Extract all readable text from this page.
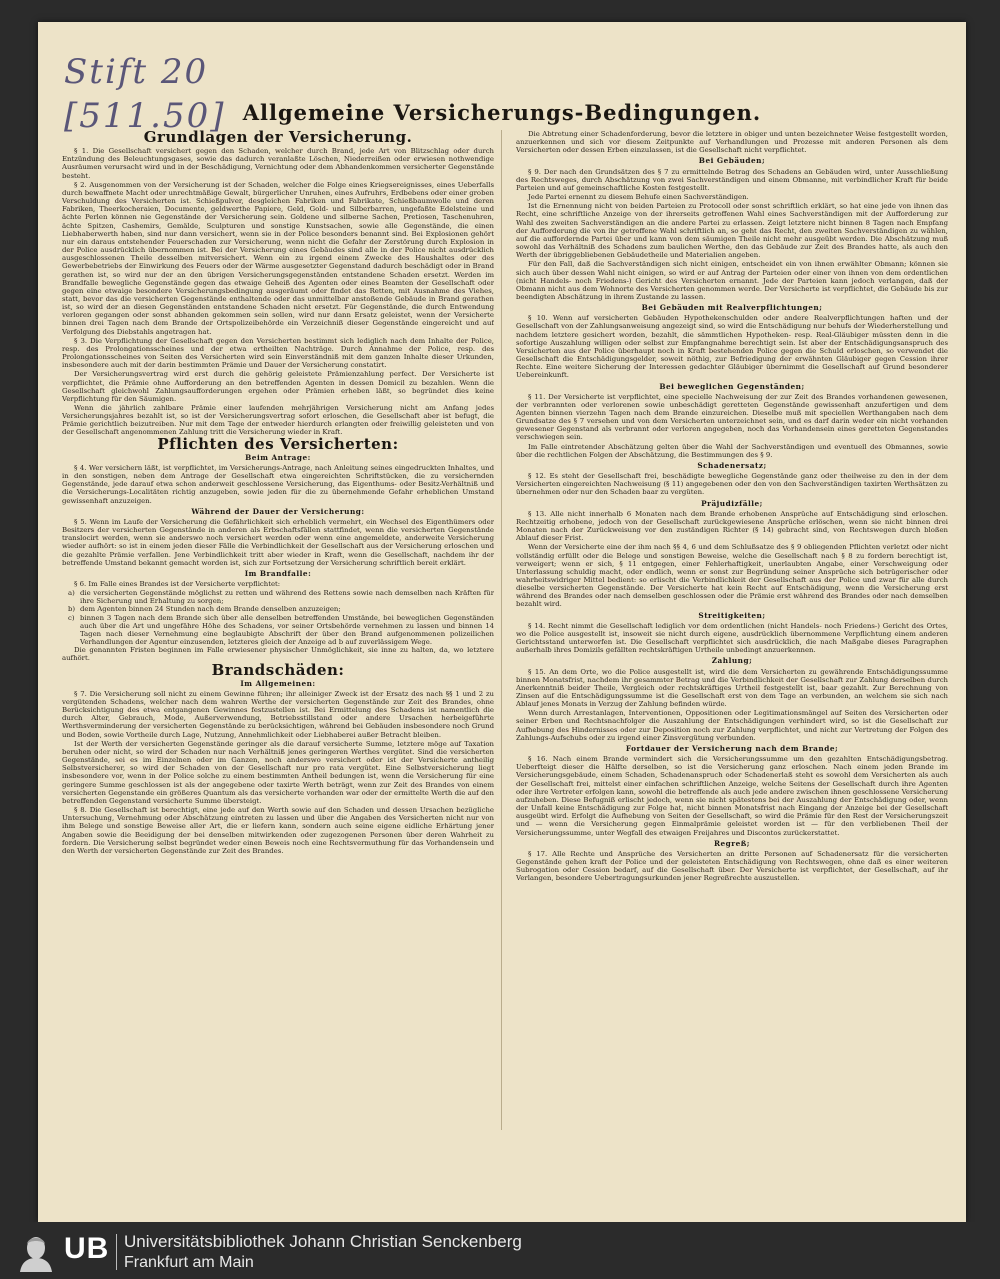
Stift 20
[511.50] Allgemeine Versicherungs-Bedingungen.
Grundlagen der Versicherung.

§ 1. Die Gesellschaft versichert gegen den Schaden, welcher durch Brand, jede Art von Blitzschlag oder durch Entzündung des Beleuchtungsgases, sowie das dadurch veranlaßte Löschen, Niederreißen oder erwiesen nothwendige Ausräumen verursacht wird und in der Beschädigung, Vernichtung oder dem Abhandenkommen versicherter Gegenstände besteht.

§ 2. Ausgenommen von der Versicherung ist der Schaden, welcher die Folge eines Kriegsereignisses, eines Ueberfalls durch bewaffnete Macht oder unrechtmäßige Gewalt, bürgerlicher Unruhen, eines Aufruhrs, Erdbebens oder einer groben Verschuldung des Versicherten ist. Schießpulver, desgleichen Fabriken und Fabrikate, Schießbaumwolle und deren Fabriken, Theerkocheraien, Documente, geldwerthe Papiere, Geld, Gold- und Silberbarren, ungefaßte Edelsteine und ächte Perlen können nie Gegenstände der Versicherung sein. Goldene und silberne Sachen, Pretiosen, Taschenuhren, ächte Spitzen, Cashemirs, Gemälde, Sculpturen und sonstige Kunstsachen, sowie alle Gegenstände, die einen Liebhaberwerth haben, sind nur dann versichert, wenn sie in der Police besonders benannt sind. Bei Explosionen gehört nur ein daraus entstehender Feuerschaden zur Versicherung, wenn nicht die Gefahr der Zerstörung durch Explosion in der Police ausdrücklich übernommen ist. Bei der Versicherung eines Gebäudes sind alle in der Police nicht ausdrücklich ausgeschlossenen Theile desselben mitversichert. Wenn ein zu irgend einem Zwecke des Haushaltes oder des Gewerbebetriebs der Einwirkung des Feuers oder der Wärme ausgesetzter Gegenstand dadurch beschädigt oder in Brand gerathen ist, so wird nur der an den übrigen Versicherungsgegenständen entstandene Schaden ersetzt. Werden im Brandfalle bewegliche Gegenstände gegen das etwaige Geheiß des Agenten oder eines Beamten der Gesellschaft oder gegen eine etwaige besondere Versicherungsbedingung ausgeräumt oder findet das Retten, mit Ausnahme des Viehes, statt, bevor das die versicherten Gegenstände enthaltende oder das unmittelbar anstoßende Gebäude in Brand gerathen ist, so wird der an diesen Gegenständen entstandene Schaden nicht ersetzt. Für Gegenstände, die durch Entwendung verloren gegangen oder sonst abhanden gekommen sein sollen, wird nur dann Ersatz geleistet, wenn der Versicherte binnen drei Tagen nach dem Brande der Ortspolizeibehörde ein Verzeichniß dieser Gegenstände eingereicht und auf Verfolgung des Diebstahls angetragen hat.

§ 3. Die Verpflichtung der Gesellschaft gegen den Versicherten bestimmt sich lediglich nach dem Inhalte der Police, resp. des Prolongationsscheines und der etwa ertheilten Nachträge. Durch Annahme der Police, resp. des Prolongationsscheines von Seiten des Versicherten wird sein Einverständniß mit dem ganzen Inhalte dieser Urkunden, insbesondere auch mit der darin bestimmten Prämie und Dauer der Versicherung constatirt.

Der Versicherungsvertrag wird erst durch die gehörig geleistete Prämienzahlung perfect. Der Versicherte ist verpflichtet, die Prämie ohne Aufforderung an den betreffenden Agenten in dessen Domicil zu bezahlen. Wenn die Gesellschaft gleichwohl Zahlungsaufforderungen ergehen oder Prämien erheben läßt, so begründet dies keine Verpflichtung für den Säumigen.

Wenn die jährlich zahlbare Prämie einer laufenden mehrjährigen Versicherung nicht am Anfang jedes Versicherungsjahres bezahlt ist, so ist der Versicherungsvertrag sofort erloschen, die Gesellschaft aber ist befugt, die Prämie gerichtlich beizutreiben. Nur mit dem Tage der entweder hierdurch erlangten oder freiwillig geleisteten und von der Gesellschaft angenommenen Zahlung tritt die Versicherung wieder in Kraft.

Pflichten des Versicherten:
Beim Antrage:

§ 4. Wer versichern läßt, ist verpflichtet, im Versicherungs-Antrage, nach Anleitung seines eingedruckten Inhaltes, und in den sonstigen, neben dem Antrage der Gesellschaft etwa eingereichten Schriftstücken, die zu versichernden Gegenstände, jede darauf etwa schon anderweit geschlossene Versicherung, das Eigenthums- oder Besitz-Verhältniß und die Versicherungs-Localitäten richtig anzugeben, sowie jeden für die zu übernehmende Gefahr erheblichen Umstand gewissenhaft anzuzeigen.

Während der Dauer der Versicherung:

§ 5. Wenn im Laufe der Versicherung die Gefährlichkeit sich erheblich vermehrt, ein Wechsel des Eigenthümers oder Besitzers der versicherten Gegenstände in anderen als Erbschaftsfällen stattfindet, wenn die versicherten Gegenstände translocirt werden, wenn sie anderswo noch versichert werden oder wenn eine angemeldete, anderweite Versicherung wieder aufhört: so ist in einem jeden dieser Fälle die Verbindlichkeit der Gesellschaft aus der Versicherung erloschen und die gezahlte Prämie verfallen. Jene Verbindlichkeit tritt aber wieder in Kraft, wenn die Gesellschaft, nachdem ihr der betreffende Umstand bekannt gemacht worden ist, sich zur Fortsetzung der Versicherung schriftlich bereit erklärt.

Im Brandfalle:

§ 6. Im Falle eines Brandes ist der Versicherte verpflichtet:

a) die versicherten Gegenstände möglichst zu retten und während des Rettens sowie nach demselben nach Kräften für ihre Sicherung und Erhaltung zu sorgen;

b) dem Agenten binnen 24 Stunden nach dem Brande denselben anzuzeigen;

c) binnen 3 Tagen nach dem Brande sich über alle denselben betreffenden Umstände, bei beweglichen Gegenständen auch über die Art und ungefähre Höhe des Schadens, vor seiner Ortsbehörde vernehmen zu lassen und binnen 14 Tagen nach dieser Vernehmung eine beglaubigte Abschrift der über den Brand aufgenommenen polizeilichen Verhandlungen der Agentur einzusenden, letzteres gleich der Anzeige ad b auf zuverlässigem Wege.

Die genannten Fristen beginnen im Falle erwiesener physischer Unmöglichkeit, sie inne zu halten, da, wo letztere aufhört.

Brandschäden:
Im Allgemeinen:

§ 7. Die Versicherung soll nicht zu einem Gewinne führen; ihr alleiniger Zweck ist der Ersatz des nach §§ 1 und 2 zu vergütenden Schadens, welcher nach dem wahren Werthe der versicherten Gegenstände zur Zeit des Brandes, ohne Berücksichtigung des etwa entgangenen Gewinnes festzustellen ist. Bei Ermittelung des Schadens ist namentlich die durch Alter, Gebrauch, Mode, Außerverwendung, Betriebsstillstand oder andere Ursachen herbeigeführte Werthsverminderung der versicherten Gegenstände zu berücksichtigen, während bei Gebäuden insbesondere noch Grund und Boden, sowie Vortheile durch Lage, Nutzung, Annehmlichkeit oder Liebhaberei außer Betracht bleiben.

Ist der Werth der versicherten Gegenstände geringer als die darauf versicherte Summe, letztere möge auf Taxation beruhen oder nicht, so wird der Schaden nur nach Verhältniß jenes geringeren Werthes vergütet. Sind die versicherten Gegenstände, sei es im Einzelnen oder im Ganzen, noch anderswo versichert oder ist der Versicherte antheilig Selbstversicherer, so wird der Schaden von der Gesellschaft nur pro rata vergütet. Eine Selbstversicherung liegt insbesondere vor, wenn in der Police solche zu einem bestimmten Antheil bedungen ist, wenn die Versicherung für eine geringere Summe geschlossen ist als der angegebene oder taxirte Werth beträgt, wenn zur Zeit des Brandes von einem versicherten Gegenstande ein größeres Quantum als das versicherte vorhanden war oder der ermittelte Werth die auf den betreffenden Gegenstand versicherte Summe übersteigt.

§ 8. Die Gesellschaft ist berechtigt, eine jede auf den Werth sowie auf den Schaden und dessen Ursachen bezügliche Untersuchung, Vernehmung oder Abschätzung eintreten zu lassen und über die Angaben des Versicherten nicht nur von ihm Belege und sonstige Beweise aller Art, die er liefern kann, sondern auch seine eigene eidliche Erhärtung jener Angaben sowie die Beeidigung der bei denselben mitwirkenden oder zugezogenen Personen über deren Wahrheit zu fordern. Die Versicherung selbst begründet weder einen Beweis noch eine Rechtsvermuthung für das Vorhandensein und den Werth der versicherten Gegenstände zur Zeit des Brandes.

Die Abtretung einer Schadenforderung, bevor die letztere in obiger und unten bezeichneter Weise festgestellt worden, anzuerkennen und sich vor diesem Zeitpunkte auf Verhandlungen und Prozesse mit anderen Personen als dem Versicherten oder dessen Erben einzulassen, ist die Gesellschaft nicht verpflichtet.

Bei Gebäuden;

§ 9. Der nach den Grundsätzen des § 7 zu ermittelnde Betrag des Schadens an Gebäuden wird, unter Ausschließung des Rechtsweges, durch Abschätzung von zwei Sachverständigen und einem Obmanne, mit verbindlicher Kraft für beide Parteien und auf gemeinschaftliche Kosten festgestellt.

Jede Partei ernennt zu diesem Behufe einen Sachverständigen.

Ist die Ernennung nicht von beiden Parteien zu Protocoll oder sonst schriftlich erklärt, so hat eine jede von ihnen das Recht, eine schriftliche Anzeige von der ihrerseits getroffenen Wahl eines Sachverständigen mit der Aufforderung zur Wahl des zweiten Sachverständigen an die andere Partei zu erlassen. Zeigt letztere nicht binnen 8 Tagen nach Empfang der Aufforderung die von ihr getroffene Wahl schriftlich an, so geht das Recht, den zweiten Sachverständigen zu wählen, auf die auffordernde Partei über und kann von dem säumigen Theile nicht mehr ausgeübt werden. Die Abschätzung muß sowohl das Verhältniß des Schadens zum baulichen Werthe, den das Gebäude zur Zeit des Brandes hatte, als auch den Werth der übriggebliebenen Gebäudetheile und Materialien angeben.

Für den Fall, daß die Sachverständigen sich nicht einigen, entscheidet ein von ihnen erwählter Obmann; können sie sich auch über dessen Wahl nicht einigen, so wird er auf Antrag der Parteien oder einer von ihnen von dem ordentlichen (nicht Handels- noch Friedens-) Gericht des Versicherten ernannt. Jede der Parteien kann jedoch verlangen, daß der Obmann nicht aus dem Wohnorte des Versicherten genommen werde. Der Versicherte ist verpflichtet, die Gebäude bis zur beendigten Abschätzung in ihrem Zustande zu lassen.

Bei Gebäuden mit Realverpflichtungen;

§ 10. Wenn auf versicherten Gebäuden Hypothekenschulden oder andere Realverpflichtungen haften und der Gesellschaft von der Zahlungsanweisung angezeigt sind, so wird die Entschädigung nur behufs der Wiederherstellung und nachdem letztere gesichert worden, bezahlt, die sämmtlichen Hypotheken- resp. Real-Gläubiger müssten denn in die sofortige Auszahlung willigen oder selbst zur Empfangnahme berechtigt sein. Ist aber der Entschädigungsanspruch des Versicherten aus der Police überhaupt noch in Kraft bestehenden Police gegen die Schuld erloschen, so verwendet die Gesellschaft die Entschädigungsgelder, soweit nöthig, zur Befriedigung der erwähnten Gläubiger gegen Cession ihrer Rechte. Eine weitere Sicherung der Interessen gedachter Gläubiger übernimmt die Gesellschaft auf Grund besonderer Uebereinkunft.

Bei beweglichen Gegenständen;

§ 11. Der Versicherte ist verpflichtet, eine specielle Nachweisung der zur Zeit des Brandes vorhandenen gewesenen, der verbrannten oder verlorenen sowie unbeschädigt geretteten Gegenstände gewissenhaft anzufertigen und dem Agenten binnen vierzehn Tagen nach dem Brande einzureichen. Dieselbe muß mit speciellen Werthangaben nach dem Grundsatze des § 7 versehen und von dem Versicherten unterzeichnet sein, und es darf darin weder ein nicht vorhanden gewesener Gegenstand als verbrannt oder verloren angegeben, noch das Vorhandensein eines geretteten Gegenstandes verschwiegen sein.

Im Falle eintretender Abschätzung gelten über die Wahl der Sachverständigen und eventuell des Obmannes, sowie über die rechtlichen Folgen der Abschätzung, die Bestimmungen des § 9.

Schadenersatz;

§ 12. Es steht der Gesellschaft frei, beschädigte bewegliche Gegenstände ganz oder theilweise zu den in der dem Versicherten eingereichten Nachweisung (§ 11) angegebenen oder den von den Sachverständigen taxirten Werthsätzen zu übernehmen oder nur den Schaden baar zu vergüten.

Präjudizfälle;

§ 13. Alle nicht innerhalb 6 Monaten nach dem Brande erhobenen Ansprüche auf Entschädigung sind erloschen. Rechtzeitig erhobene, jedoch von der Gesellschaft zurückgewiesene Ansprüche erlöschen, wenn sie nicht binnen drei Monaten nach der Zurückweisung vor den zuständigen Richter (§ 14) gebracht sind, von Rechtswegen durch bloßen Ablauf dieser Frist.

Wenn der Versicherte eine der ihm nach §§ 4, 6 und dem Schlußsatze des § 9 obliegenden Pflichten verletzt oder nicht vollständig erfüllt oder die Belege und sonstigen Beweise, welche die Gesellschaft nach § 8 zu fordern berechtigt ist, verweigert; wenn er sich, § 11 entgegen, einer Fehlerhaftigkeit, unerlaubten Angabe, einer Verschweigung oder Unterlassung schuldig macht, oder endlich, wenn er sonst zur Begründung seiner Ansprüche sich betrügerischer oder wahrheitswidriger Mittel bedient: so erlischt die Verbindlichkeit der Gesellschaft aus der Police und zwar für alle durch dieselbe versicherten Gegenstände. Der Versicherte hat kein Recht auf Entschädigung, wenn die Versicherung erst während des Brandes oder nach demselben geschlossen oder die Prämie erst während des Brandes oder nach demselben bezahlt wird.

Streitigkeiten;

§ 14. Recht nimmt die Gesellschaft lediglich vor dem ordentlichen (nicht Handels- noch Friedens-) Gericht des Ortes, wo die Police ausgestellt ist, insoweit sie nicht durch eigene, ausdrücklich übernommene Verpflichtung einem anderen Gerichtsstand unterworfen ist. Die Gesellschaft verpflichtet sich ausdrücklich, die nach Maßgabe dieses Paragraphen außerhalb ihres Domizils gefällten rechtskräftigen Urtheile unbedingt anzuerkennen.

Zahlung;

§ 15. An dem Orte, wo die Police ausgestellt ist, wird die dem Versicherten zu gewährende Entschädigungssumme binnen Monatsfrist, nachdem ihr gesammter Betrag und die Verbindlichkeit der Gesellschaft zur Zahlung derselben durch Anerkenntniß beider Theile, Vergleich oder rechtskräftiges Urtheil festgestellt ist, baar gezahlt. Zur Berechnung von Zinsen auf die Entschädigungssumme ist die Gesellschaft erst von dem Tage an verbunden, an welchem sie sich nach Ablauf jenes Monats in Verzug der Zahlung befinden würde.

Wenn durch Arrestanlagen, Interventionen, Oppositionen oder Legitimationsmängel auf Seiten des Versicherten oder seiner Erben und Rechtsnachfolger die Auszahlung der Entschädigungen verhindert wird, so ist die Gesellschaft zur Aufhebung des Hindernisses oder zur Deposition noch zur Zahlung verpflichtet, und nicht zur Vertretung der Folgen des Zahlungs-Aufschubs oder zu irgend einer Zinsvergütung verbunden.

Fortdauer der Versicherung nach dem Brande;

§ 16. Nach einem Brande vermindert sich die Versicherungssumme um den gezahlten Entschädigungsbetrag. Ueberfteigt dieser die Hälfte derselben, so ist die Versicherung ganz erloschen. Nach einem jeden Brande im Versicherungsgebäude, einem Schaden, Schadenanspruch oder Schadenerlaß steht es sowohl dem Versicherten als auch der Gesellschaft frei, mittelst einer einfachen schriftlichen Anzeige, welche Seitens der Gesellschaft durch ihre Agenten oder ihre Vertreter erfolgen kann, sowohl die betreffende als auch jede andere zwischen ihnen geschlossene Versicherung aufzuheben. Diese Befugniß erlischt jedoch, wenn sie nicht spätestens bei der Auszahlung der Entschädigung oder, wenn der Unfall keine Entschädigung zur Folge hat, nicht binnen Monatsfrist nach Eingang der Anzeige bei der Gesellschaft ausgeübt wird. Erfolgt die Aufhebung von Seiten der Gesellschaft, so wird die Prämie für den Rest der Versicherungszeit und — wenn die Versicherung gegen Einmalprämie geleistet worden ist — für den verbliebenen Theil der Versicherungssumme, unter Wegfall des etwaigen Freijahres und Discontos zurückerstattet.

Regreß;

§ 17. Alle Rechte und Ansprüche des Versicherten an dritte Personen auf Schadenersatz für die versicherten Gegenstände gehen kraft der Police und der geleisteten Entschädigung von Rechtswegen, ohne daß es einer weiteren Subrogation oder Cession bedarf, auf die Gesellschaft über. Der Versicherte ist verpflichtet, der Gesellschaft, auf ihr Verlangen, besondere Uebertragungsurkunden jener Regreßrechte auszustellen.

UB Universitätsbibliothek Johann Christian Senckenberg
Frankfurt am Main
